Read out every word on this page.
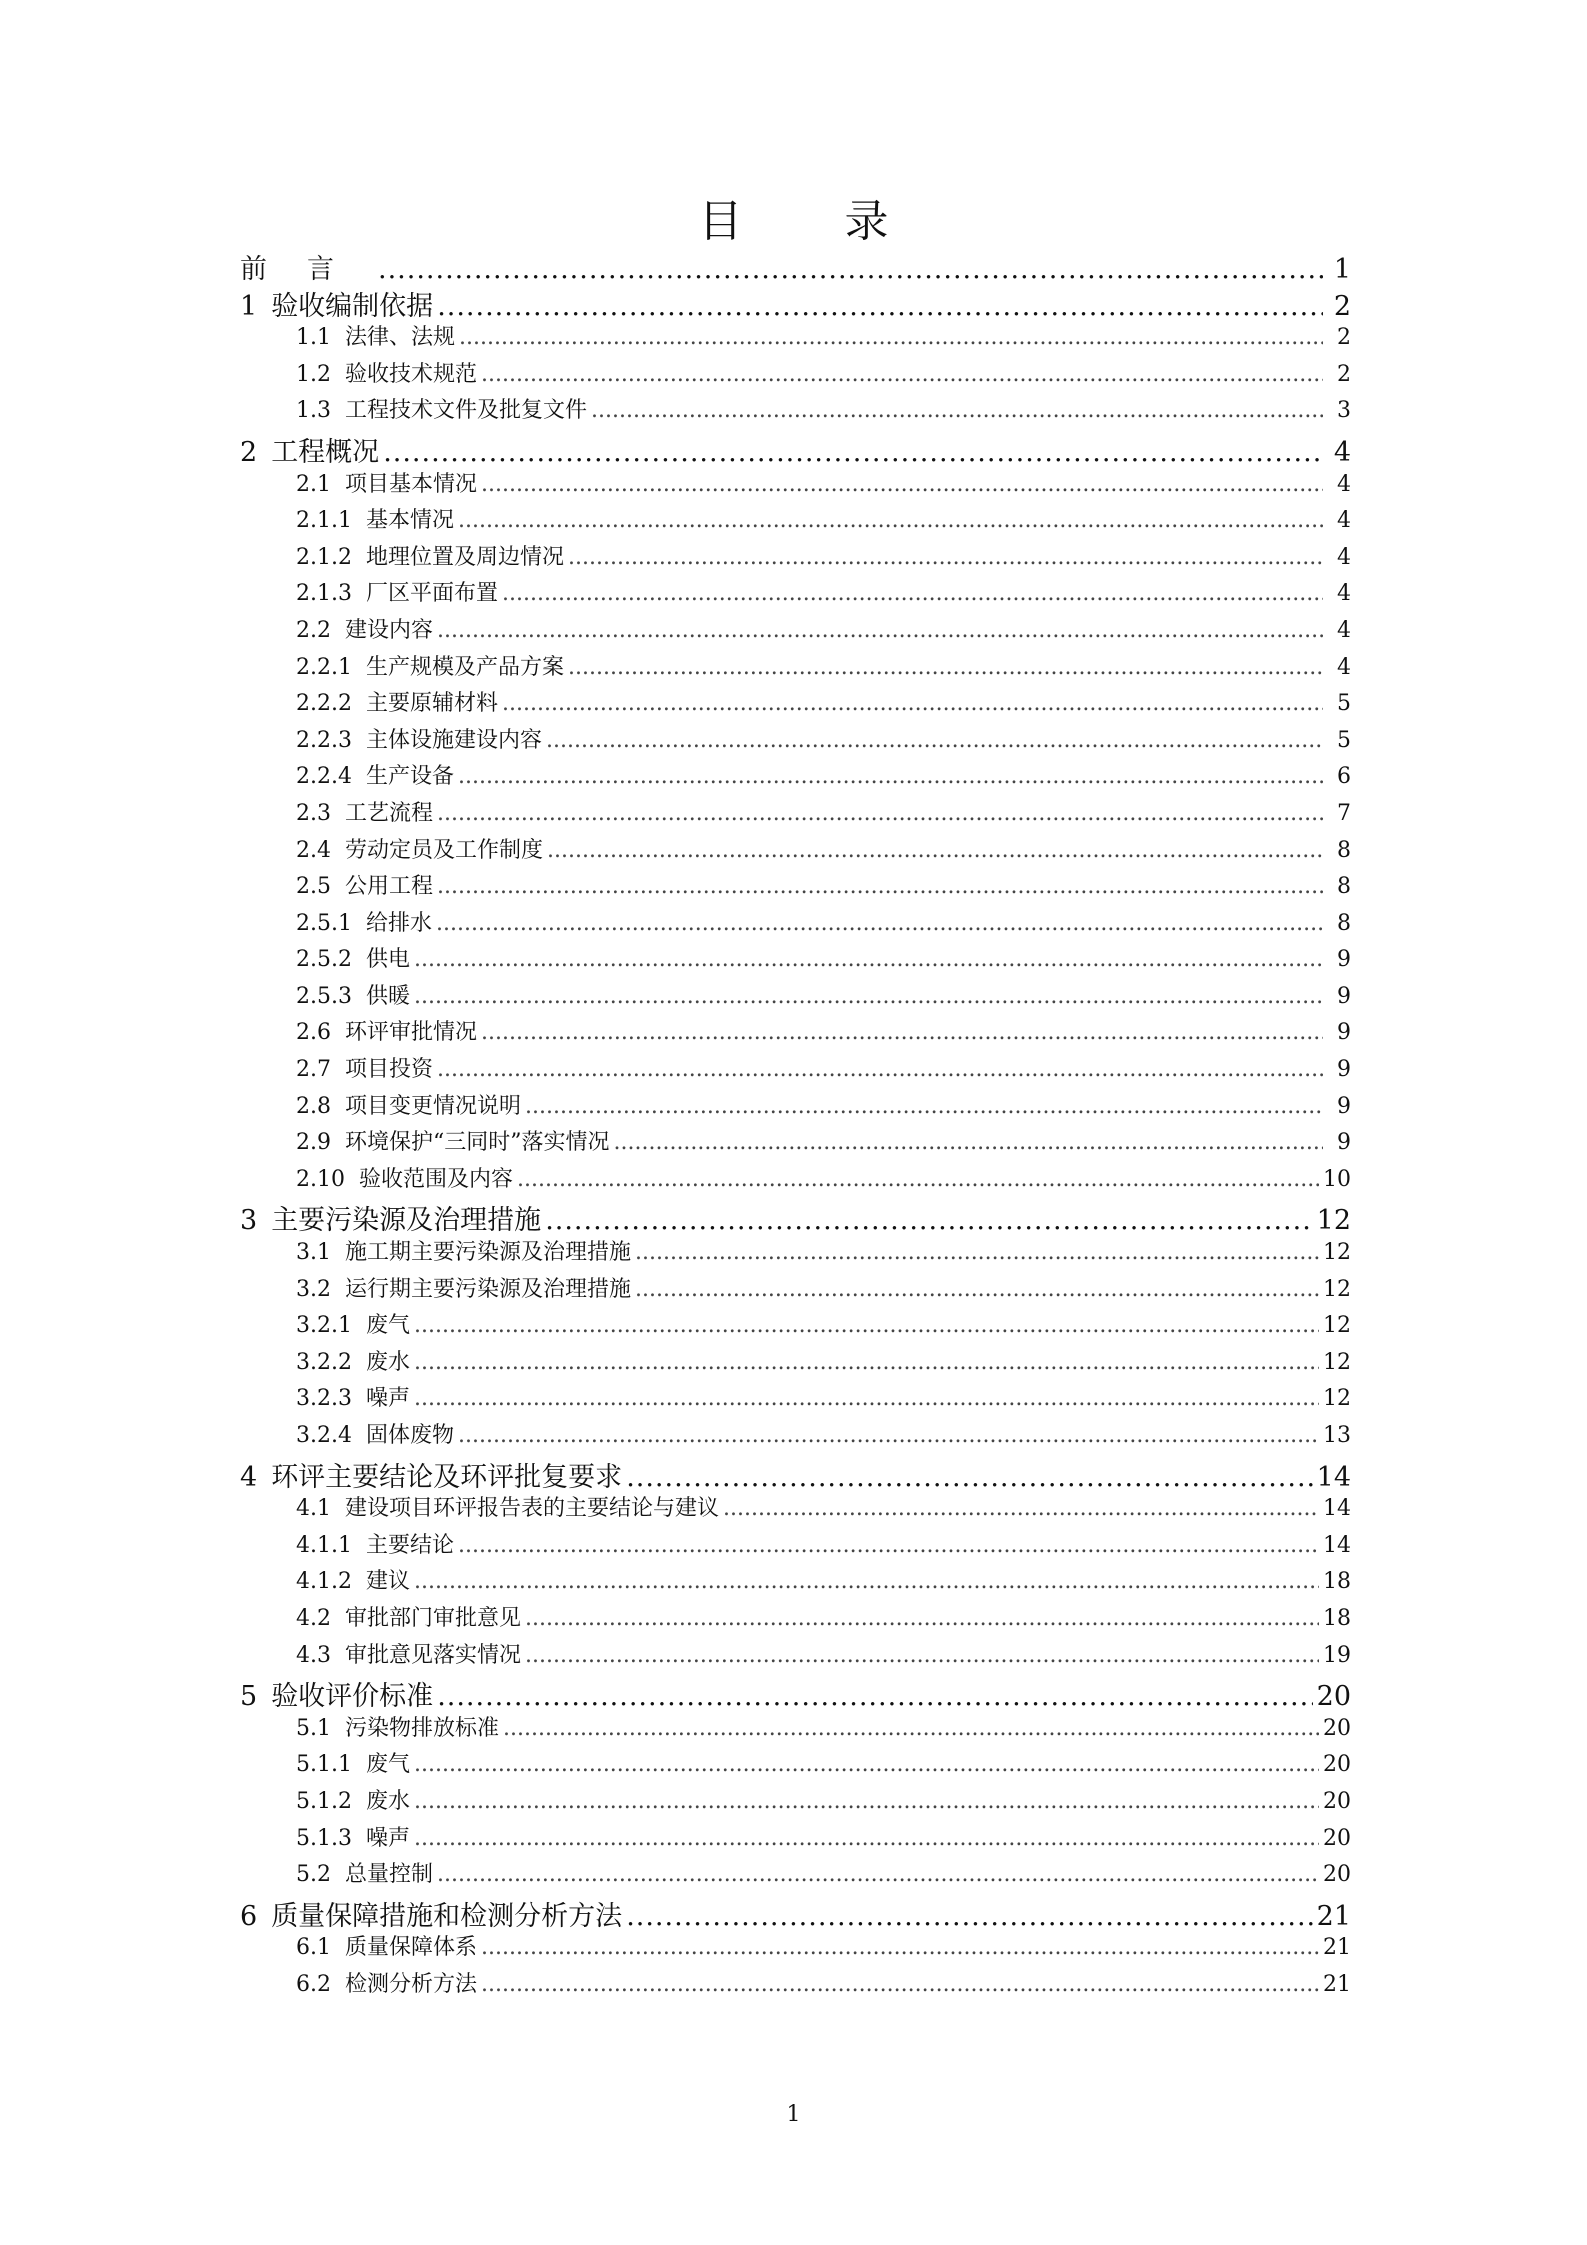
目 录
前言 .....	1
1 验收编制依据 .....	2
1.1 法律、法规 .....	2
1.2 验收技术规范 .....	2
1.3 工程技术文件及批复文件 .....	3
2 工程概况 .....	4
2.1 项目基本情况 .....	4
2.1.1 基本情况 .....	4
2.1.2 地理位置及周边情况 .....	4
2.1.3 厂区平面布置 .....	4
2.2 建设内容 .....	4
2.2.1 生产规模及产品方案 .....	4
2.2.2 主要原辅材料 .....	5
2.2.3 主体设施建设内容 .....	5
2.2.4 生产设备 .....	6
2.3 工艺流程 .....	7
2.4 劳动定员及工作制度 .....	8
2.5 公用工程 .....	8
2.5.1 给排水 .....	8
2.5.2 供电 .....	9
2.5.3 供暖 .....	9
2.6 环评审批情况 .....	9
2.7 项目投资 .....	9
2.8 项目变更情况说明 .....	9
2.9 环境保护“三同时”落实情况 .....	9
2.10 验收范围及内容 .....	10
3 主要污染源及治理措施 .....	12
3.1 施工期主要污染源及治理措施 .....	12
3.2 运行期主要污染源及治理措施 .....	12
3.2.1 废气 .....	12
3.2.2 废水 .....	12
3.2.3 噪声 .....	12
3.2.4 固体废物 .....	13
4 环评主要结论及环评批复要求 .....	14
4.1 建设项目环评报告表的主要结论与建议 .....	14
4.1.1 主要结论 .....	14
4.1.2 建议 .....	18
4.2 审批部门审批意见 .....	18
4.3 审批意见落实情况 .....	19
5 验收评价标准 .....	20
5.1 污染物排放标准 .....	20
5.1.1 废气 .....	20
5.1.2 废水 .....	20
5.1.3 噪声 .....	20
5.2 总量控制 .....	20
6 质量保障措施和检测分析方法 .....	21
6.1 质量保障体系 .....	21
6.2 检测分析方法 .....	21
1
